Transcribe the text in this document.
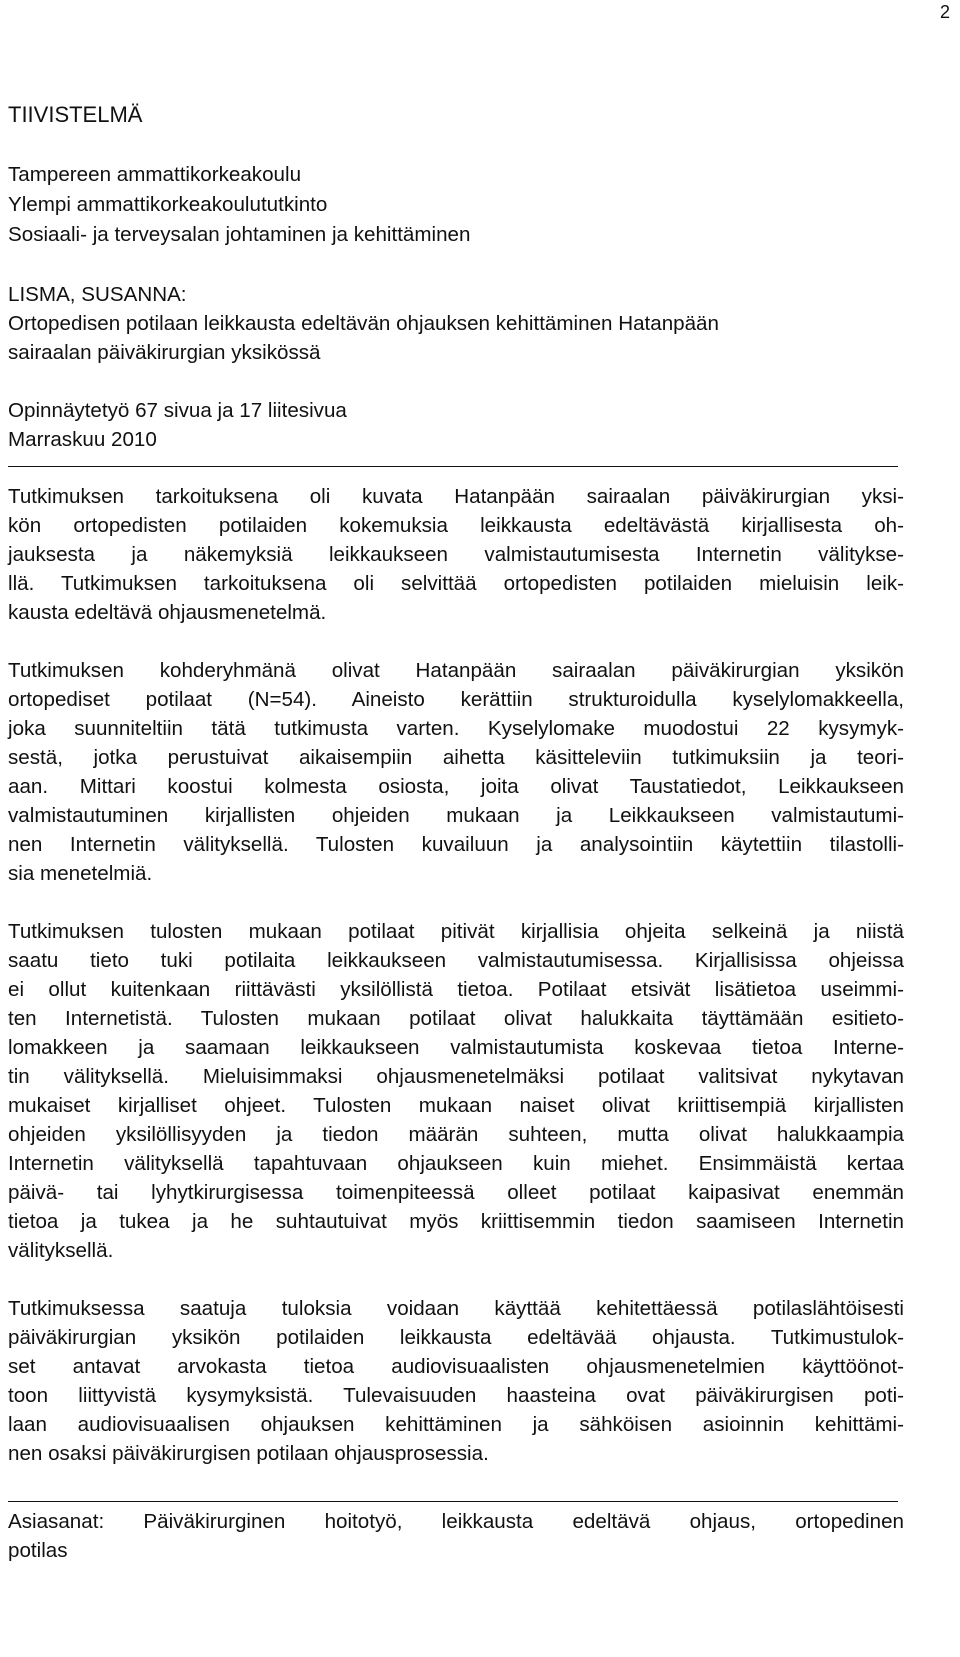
2
TIIVISTELMÄ
Tampereen ammattikorkeakoulu
Ylempi ammattikorkeakoulututkinto
Sosiaali- ja terveysalan johtaminen ja kehittäminen
LISMA, SUSANNA:
Ortopedisen potilaan leikkausta edeltävän ohjauksen kehittäminen Hatanpään
sairaalan päiväkirurgian yksikössä
Opinnäytetyö 67 sivua ja 17 liitesivua
Marraskuu 2010
Tutkimuksen tarkoituksena oli kuvata Hatanpään sairaalan päiväkirurgian yksi-
kön ortopedisten potilaiden kokemuksia leikkausta edeltävästä kirjallisesta oh-
jauksesta ja näkemyksiä leikkaukseen valmistautumisesta Internetin välitykse-
llä. Tutkimuksen tarkoituksena oli selvittää ortopedisten potilaiden mieluisin leik-
kausta edeltävä ohjausmenetelmä.
Tutkimuksen kohderyhmänä olivat Hatanpään sairaalan päiväkirurgian yksikön
ortopediset potilaat (N=54). Aineisto kerättiin strukturoidulla kyselylomakkeella,
joka suunniteltiin tätä tutkimusta varten. Kyselylomake muodostui 22 kysymyk-
sestä, jotka perustuivat aikaisempiin aihetta käsitteleviin tutkimuksiin ja teori-
aan. Mittari koostui kolmesta osiosta, joita olivat Taustatiedot, Leikkaukseen
valmistautuminen kirjallisten ohjeiden mukaan ja Leikkaukseen valmistautumi-
nen Internetin välityksellä. Tulosten kuvailuun ja analysointiin käytettiin tilastolli-
sia menetelmiä.
Tutkimuksen tulosten mukaan potilaat pitivät kirjallisia ohjeita selkeinä ja niistä
saatu tieto tuki potilaita leikkaukseen valmistautumisessa. Kirjallisissa ohjeissa
ei ollut kuitenkaan riittävästi yksilöllistä tietoa. Potilaat etsivät lisätietoa useimmi-
ten Internetistä. Tulosten mukaan potilaat olivat halukkaita täyttämään esitieto-
lomakkeen ja saamaan leikkaukseen valmistautumista koskevaa tietoa Interne-
tin välityksellä. Mieluisimmaksi ohjausmenetelmäksi potilaat valitsivat nykytavan
mukaiset kirjalliset ohjeet. Tulosten mukaan naiset olivat kriittisempiä kirjallisten
ohjeiden yksilöllisyyden ja tiedon määrän suhteen, mutta olivat halukkaampia
Internetin välityksellä tapahtuvaan ohjaukseen kuin miehet. Ensimmäistä kertaa
päivä- tai lyhytkirurgisessa toimenpiteessä olleet potilaat kaipasivat enemmän
tietoa ja tukea ja he suhtautuivat myös kriittisemmin tiedon saamiseen Internetin
välityksellä.
Tutkimuksessa saatuja tuloksia voidaan käyttää kehitettäessä potilaslähtöisesti
päiväkirurgian yksikön potilaiden leikkausta edeltävää ohjausta. Tutkimustulok-
set antavat arvokasta tietoa audiovisuaalisten ohjausmenetelmien käyttöönot-
toon liittyvistä kysymyksistä. Tulevaisuuden haasteina ovat päiväkirurgisen poti-
laan audiovisuaalisen ohjauksen kehittäminen ja sähköisen asioinnin kehittämi-
nen osaksi päiväkirurgisen potilaan ohjausprosessia.
Asiasanat: Päiväkirurginen hoitotyö, leikkausta edeltävä ohjaus, ortopedinen
potilas
